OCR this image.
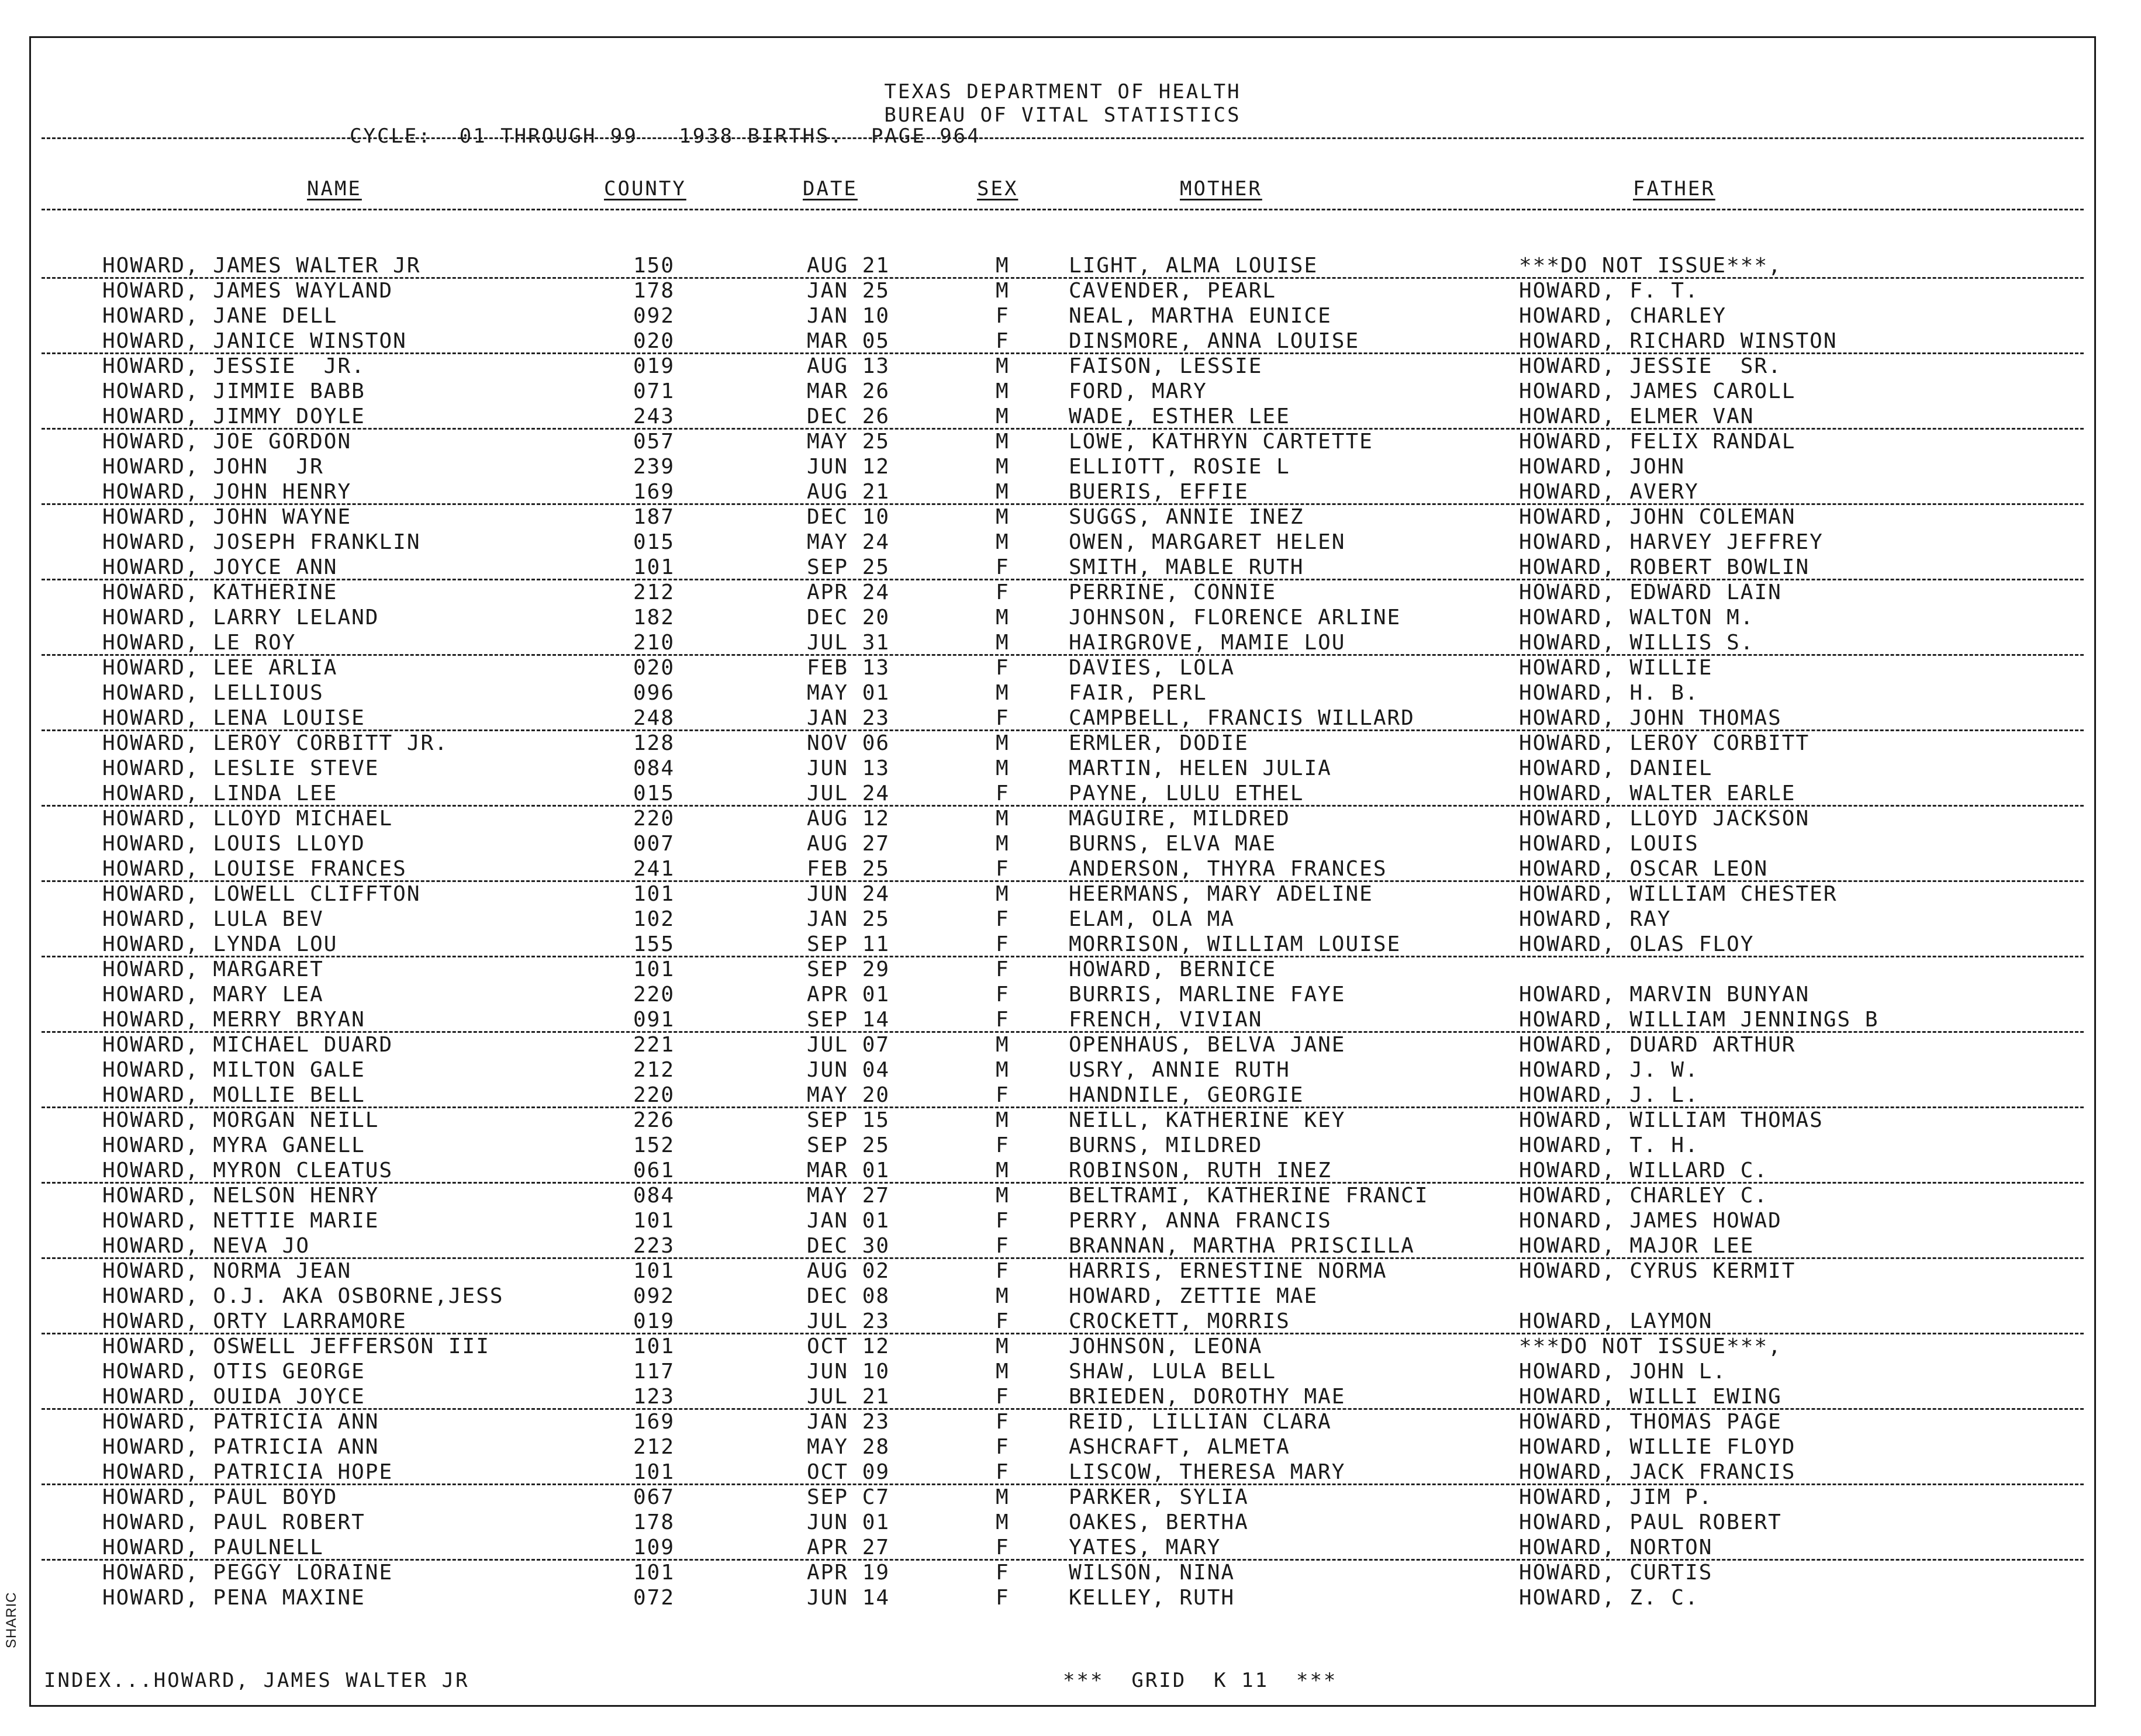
TEXAS DEPARTMENT OF HEALTH
BUREAU OF VITAL STATISTICS
CYCLE:  01 THROUGH 99   1938 BIRTHS.  PAGE 964
NAME	COUNTY	DATE	SEX	MOTHER	FATHER
HOWARD, JAMES WALTER JR	150	AUG 21	M	LIGHT, ALMA LOUISE	***DO NOT ISSUE***,
HOWARD, JAMES WAYLAND	178	JAN 25	M	CAVENDER, PEARL	HOWARD, F. T.
HOWARD, JANE DELL	092	JAN 10	F	NEAL, MARTHA EUNICE	HOWARD, CHARLEY
HOWARD, JANICE WINSTON	020	MAR 05	F	DINSMORE, ANNA LOUISE	HOWARD, RICHARD WINSTON
HOWARD, JESSIE  JR.	019	AUG 13	M	FAISON, LESSIE	HOWARD, JESSIE  SR.
HOWARD, JIMMIE BABB	071	MAR 26	M	FORD, MARY	HOWARD, JAMES CAROLL
HOWARD, JIMMY DOYLE	243	DEC 26	M	WADE, ESTHER LEE	HOWARD, ELMER VAN
HOWARD, JOE GORDON	057	MAY 25	M	LOWE, KATHRYN CARTETTE	HOWARD, FELIX RANDAL
HOWARD, JOHN  JR	239	JUN 12	M	ELLIOTT, ROSIE L	HOWARD, JOHN
HOWARD, JOHN HENRY	169	AUG 21	M	BUERIS, EFFIE	HOWARD, AVERY
HOWARD, JOHN WAYNE	187	DEC 10	M	SUGGS, ANNIE INEZ	HOWARD, JOHN COLEMAN
HOWARD, JOSEPH FRANKLIN	015	MAY 24	M	OWEN, MARGARET HELEN	HOWARD, HARVEY JEFFREY
HOWARD, JOYCE ANN	101	SEP 25	F	SMITH, MABLE RUTH	HOWARD, ROBERT BOWLIN
HOWARD, KATHERINE	212	APR 24	F	PERRINE, CONNIE	HOWARD, EDWARD LAIN
HOWARD, LARRY LELAND	182	DEC 20	M	JOHNSON, FLORENCE ARLINE	HOWARD, WALTON M.
HOWARD, LE ROY	210	JUL 31	M	HAIRGROVE, MAMIE LOU	HOWARD, WILLIS S.
HOWARD, LEE ARLIA	020	FEB 13	F	DAVIES, LOLA	HOWARD, WILLIE
HOWARD, LELLIOUS	096	MAY 01	M	FAIR, PERL	HOWARD, H. B.
HOWARD, LENA LOUISE	248	JAN 23	F	CAMPBELL, FRANCIS WILLARD	HOWARD, JOHN THOMAS
HOWARD, LEROY CORBITT JR.	128	NOV 06	M	ERMLER, DODIE	HOWARD, LEROY CORBITT
HOWARD, LESLIE STEVE	084	JUN 13	M	MARTIN, HELEN JULIA	HOWARD, DANIEL
HOWARD, LINDA LEE	015	JUL 24	F	PAYNE, LULU ETHEL	HOWARD, WALTER EARLE
HOWARD, LLOYD MICHAEL	220	AUG 12	M	MAGUIRE, MILDRED	HOWARD, LLOYD JACKSON
HOWARD, LOUIS LLOYD	007	AUG 27	M	BURNS, ELVA MAE	HOWARD, LOUIS
HOWARD, LOUISE FRANCES	241	FEB 25	F	ANDERSON, THYRA FRANCES	HOWARD, OSCAR LEON
HOWARD, LOWELL CLIFFTON	101	JUN 24	M	HEERMANS, MARY ADELINE	HOWARD, WILLIAM CHESTER
HOWARD, LULA BEV	102	JAN 25	F	ELAM, OLA MA	HOWARD, RAY
HOWARD, LYNDA LOU	155	SEP 11	F	MORRISON, WILLIAM LOUISE	HOWARD, OLAS FLOY
HOWARD, MARGARET	101	SEP 29	F	HOWARD, BERNICE
HOWARD, MARY LEA	220	APR 01	F	BURRIS, MARLINE FAYE	HOWARD, MARVIN BUNYAN
HOWARD, MERRY BRYAN	091	SEP 14	F	FRENCH, VIVIAN	HOWARD, WILLIAM JENNINGS B
HOWARD, MICHAEL DUARD	221	JUL 07	M	OPENHAUS, BELVA JANE	HOWARD, DUARD ARTHUR
HOWARD, MILTON GALE	212	JUN 04	M	USRY, ANNIE RUTH	HOWARD, J. W.
HOWARD, MOLLIE BELL	220	MAY 20	F	HANDNILE, GEORGIE	HOWARD, J. L.
HOWARD, MORGAN NEILL	226	SEP 15	M	NEILL, KATHERINE KEY	HOWARD, WILLIAM THOMAS
HOWARD, MYRA GANELL	152	SEP 25	F	BURNS, MILDRED	HOWARD, T. H.
HOWARD, MYRON CLEATUS	061	MAR 01	M	ROBINSON, RUTH INEZ	HOWARD, WILLARD C.
HOWARD, NELSON HENRY	084	MAY 27	M	BELTRAMI, KATHERINE FRANCI	HOWARD, CHARLEY C.
HOWARD, NETTIE MARIE	101	JAN 01	F	PERRY, ANNA FRANCIS	HONARD, JAMES HOWAD
HOWARD, NEVA JO	223	DEC 30	F	BRANNAN, MARTHA PRISCILLA	HOWARD, MAJOR LEE
HOWARD, NORMA JEAN	101	AUG 02	F	HARRIS, ERNESTINE NORMA	HOWARD, CYRUS KERMIT
HOWARD, O.J. AKA OSBORNE,JESS	092	DEC 08	M	HOWARD, ZETTIE MAE
HOWARD, ORTY LARRAMORE	019	JUL 23	F	CROCKETT, MORRIS	HOWARD, LAYMON
HOWARD, OSWELL JEFFERSON III	101	OCT 12	M	JOHNSON, LEONA	***DO NOT ISSUE***,
HOWARD, OTIS GEORGE	117	JUN 10	M	SHAW, LULA BELL	HOWARD, JOHN L.
HOWARD, OUIDA JOYCE	123	JUL 21	F	BRIEDEN, DOROTHY MAE	HOWARD, WILLI EWING
HOWARD, PATRICIA ANN	169	JAN 23	F	REID, LILLIAN CLARA	HOWARD, THOMAS PAGE
HOWARD, PATRICIA ANN	212	MAY 28	F	ASHCRAFT, ALMETA	HOWARD, WILLIE FLOYD
HOWARD, PATRICIA HOPE	101	OCT 09	F	LISCOW, THERESA MARY	HOWARD, JACK FRANCIS
HOWARD, PAUL BOYD	067	SEP C7	M	PARKER, SYLIA	HOWARD, JIM P.
HOWARD, PAUL ROBERT	178	JUN 01	M	OAKES, BERTHA	HOWARD, PAUL ROBERT
HOWARD, PAULNELL	109	APR 27	F	YATES, MARY	HOWARD, NORTON
HOWARD, PEGGY LORAINE	101	APR 19	F	WILSON, NINA	HOWARD, CURTIS
HOWARD, PENA MAXINE	072	JUN 14	F	KELLEY, RUTH	HOWARD, Z. C.
INDEX...HOWARD, JAMES WALTER JR	***  GRID  K 11  ***
SHARIC
